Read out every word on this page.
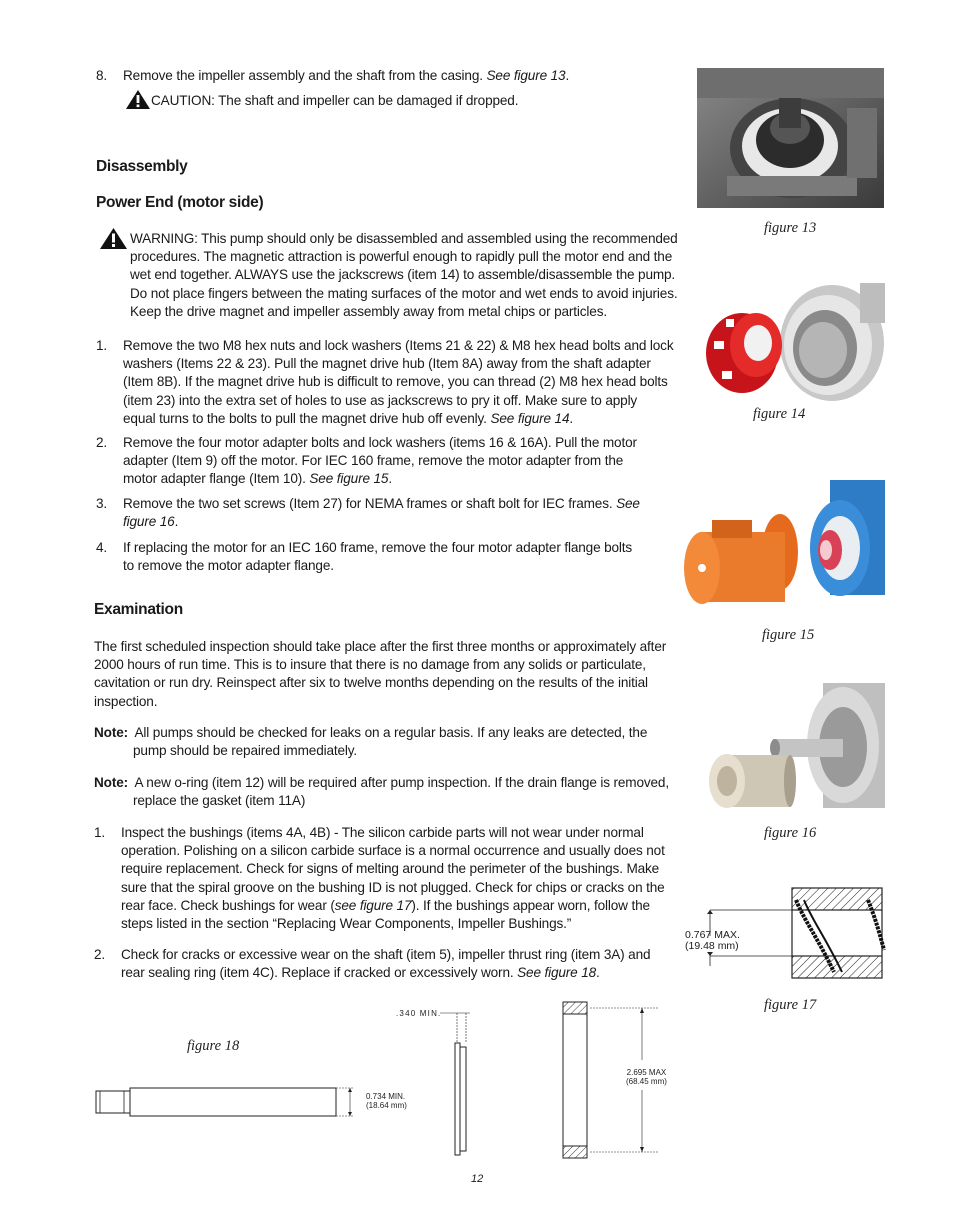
8. Remove the impeller assembly and the shaft from the casing. See figure 13.
CAUTION: The shaft and impeller can be damaged if dropped.
Disassembly
Power End (motor side)
WARNING: This pump should only be disassembled and assembled using the recommended
procedures. The magnetic attraction is powerful enough to rapidly pull the motor end and the
wet end together. ALWAYS use the jackscrews (item 14) to assemble/disassemble the pump.
Do not place fingers between the mating surfaces of the motor and wet ends to avoid injuries.
Keep the drive magnet and impeller assembly away from metal chips or particles.
1. Remove the two M8 hex nuts and lock washers (Items 21 & 22) & M8 hex head bolts and lock
washers (Items 22 & 23). Pull the magnet drive hub (Item 8A) away from the shaft adapter
(Item 8B). If the magnet drive hub is difficult to remove, you can thread (2) M8 hex head bolts
(item 23) into the extra set of holes to use as jackscrews to pry it off. Make sure to apply
equal turns to the bolts to pull the magnet drive hub off evenly. See figure 14.
2. Remove the four motor adapter bolts and lock washers (items 16 & 16A). Pull the motor
adapter (Item 9) off the motor. For IEC 160 frame, remove the motor adapter from the
motor adapter flange (Item 10). See figure 15.
3. Remove the two set screws (Item 27) for NEMA frames or shaft bolt for IEC frames. See
figure 16.
4. If replacing the motor for an IEC 160 frame, remove the four motor adapter flange bolts
to remove the motor adapter flange.
Examination
The first scheduled inspection should take place after the first three months or approximately after
2000 hours of run time. This is to insure that there is no damage from any solids or particulate,
cavitation or run dry. Reinspect after six to twelve months depending on the results of the initial
inspection.
Note: All pumps should be checked for leaks on a regular basis. If any leaks are detected, the
pump should be repaired immediately.
Note: A new o-ring (item 12) will be required after pump inspection. If the drain flange is removed,
replace the gasket (item 11A)
1. Inspect the bushings (items 4A, 4B) - The silicon carbide parts will not wear under normal
operation. Polishing on a silicon carbide surface is a normal occurrence and usually does not
require replacement. Check for signs of melting around the perimeter of the bushings. Make
sure that the spiral groove on the bushing ID is not plugged. Check for chips or cracks on the
rear face. Check bushings for wear (see figure 17). If the bushings appear worn, follow the
steps listed in the section “Replacing Wear Components, Impeller Bushings.”
2. Check for cracks or excessive wear on the shaft (item 5), impeller thrust ring (item 3A) and
rear sealing ring (item 4C). Replace if cracked or excessively worn. See figure 18.
figure 13
figure 14
figure 15
figure 16
0.767 MAX.
(19.48 mm)
figure 17
figure 18
0.734 MIN.
(18.64 mm)
.340 MIN.
2.695 MAX
(68.45 mm)
12
